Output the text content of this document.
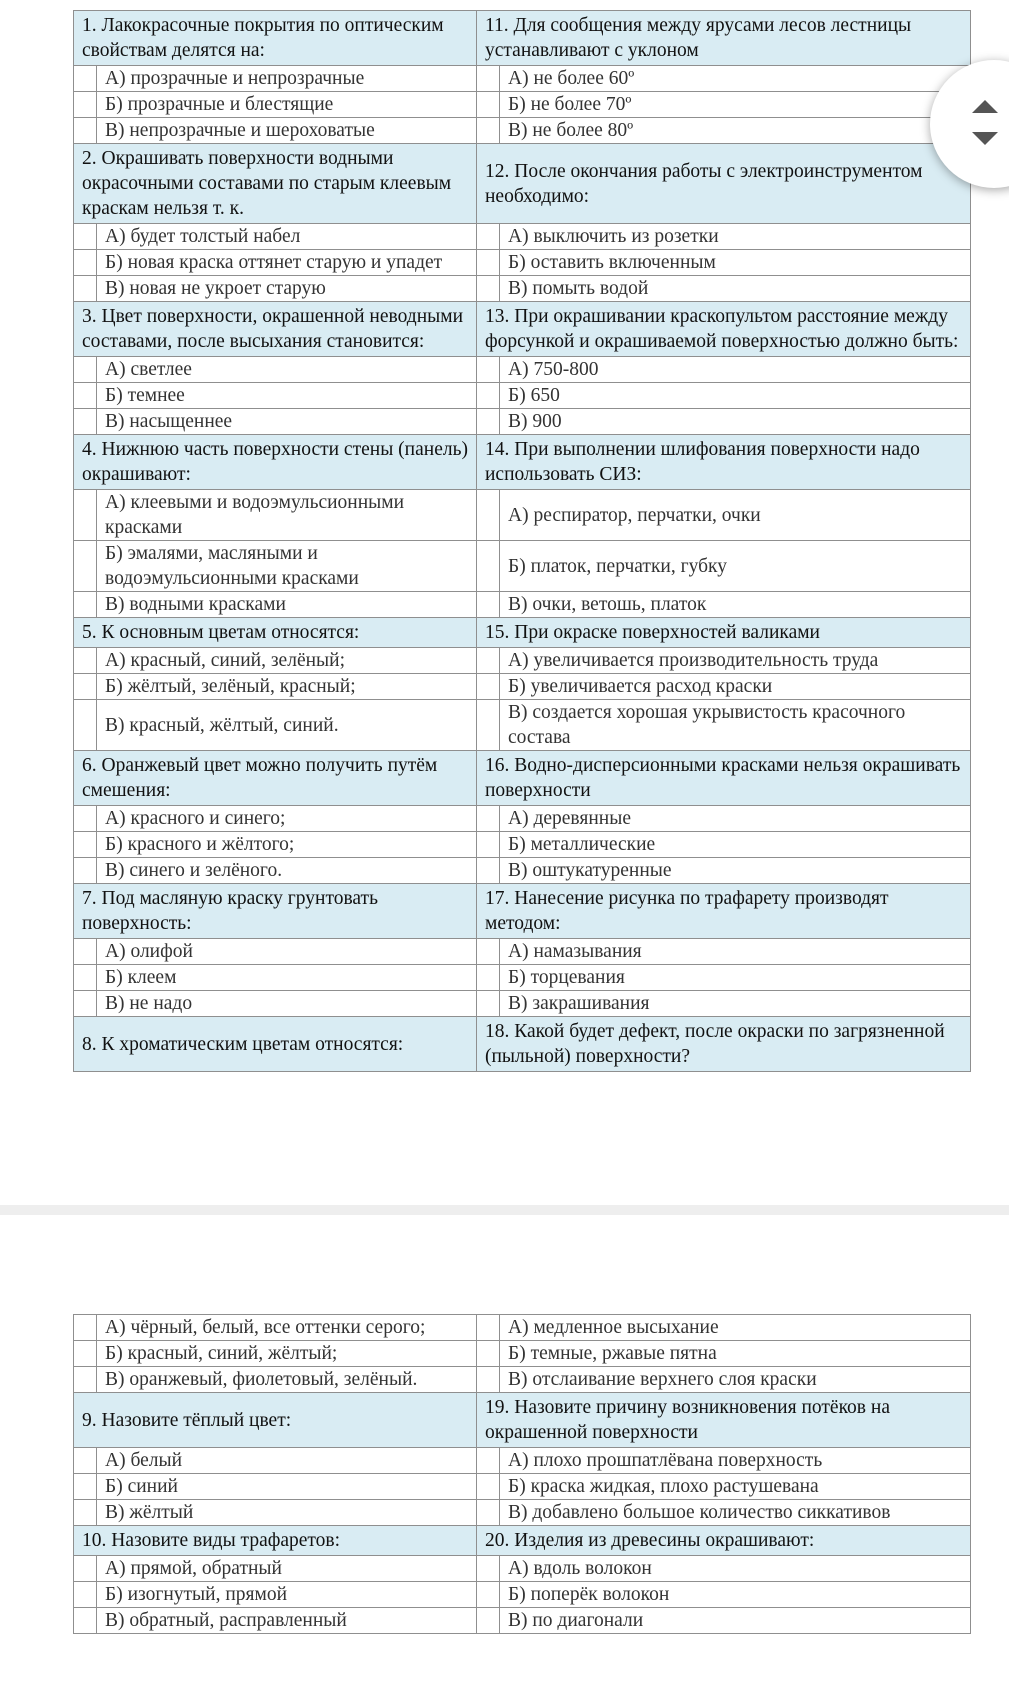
1. Лакокрасочные покрытия по оптическим свойствам делятся на:		11. Для сообщения между ярусами лесов лестницы устанавливают с уклоном	
	А) прозрачные и непрозрачные		А) не более 60º
	Б) прозрачные и блестящие		Б) не более 70º
	В) непрозрачные и шероховатые		В) не более 80º
2. Окрашивать поверхности водными окрасочными составами по старым клеевым краскам нельзя т. к.		12. После окончания работы с электроинструментом необходимо:	
	А) будет толстый набел		А) выключить из розетки
	Б) новая краска оттянет старую и упадет		Б) оставить включенным
	В) новая не укроет старую		В) помыть водой
3. Цвет поверхности, окрашенной неводными составами, после высыхания становится:		13. При окрашивании краскопультом расстояние между форсункой и окрашиваемой поверхностью должно быть:	
	А) светлее		А) 750-800
	Б) темнее		Б) 650
	В) насыщеннее		В) 900
4. Нижнюю часть поверхности стены (панель) окрашивают:		14. При выполнении шлифования поверхности надо использовать СИЗ:	
	А) клеевыми и водоэмульсионными красками		А) респиратор, перчатки, очки
	Б) эмалями, масляными и водоэмульсионными красками		Б) платок, перчатки, губку
	В) водными красками		В) очки, ветошь, платок
5. К основным цветам относятся:		15. При окраске поверхностей валиками	
	А) красный, синий, зелёный;		А) увеличивается производительность труда
	Б) жёлтый, зелёный, красный;		Б) увеличивается расход краски
	В) красный, жёлтый, синий.		В) создается хорошая укрывистость красочного состава
6. Оранжевый цвет можно получить путём смешения:		16. Водно-дисперсионными красками нельзя окрашивать поверхности	
	А) красного и синего;		А) деревянные
	Б) красного и жёлтого;		Б) металлические
	В) синего и зелёного.		В) оштукатуренные
7. Под масляную краску грунтовать поверхность:		17. Нанесение рисунка по трафарету производят методом:	
	А) олифой		А) намазывания
	Б) клеем		Б) торцевания
	В) не надо		В) закрашивания
8. К хроматическим цветам относятся:		18. Какой будет дефект, после окраски по загрязненной (пыльной) поверхности?	
	А) чёрный, белый, все оттенки серого;		А) медленное высыхание
	Б) красный, синий, жёлтый;		Б) темные, ржавые пятна
	В) оранжевый, фиолетовый, зелёный.		В) отслаивание верхнего слоя краски
9. Назовите тёплый цвет:		19. Назовите причину возникновения потёков на окрашенной поверхности	
	А) белый		А) плохо прошпатлёвана поверхность
	Б) синий		Б) краска жидкая, плохо растушевана
	В) жёлтый		В) добавлено большое количество сиккативов
10. Назовите виды трафаретов:		20. Изделия из древесины окрашивают:	
	А) прямой, обратный		А) вдоль волокон
	Б) изогнутый, прямой		Б) поперёк волокон
	В) обратный, расправленный		В) по диагонали
